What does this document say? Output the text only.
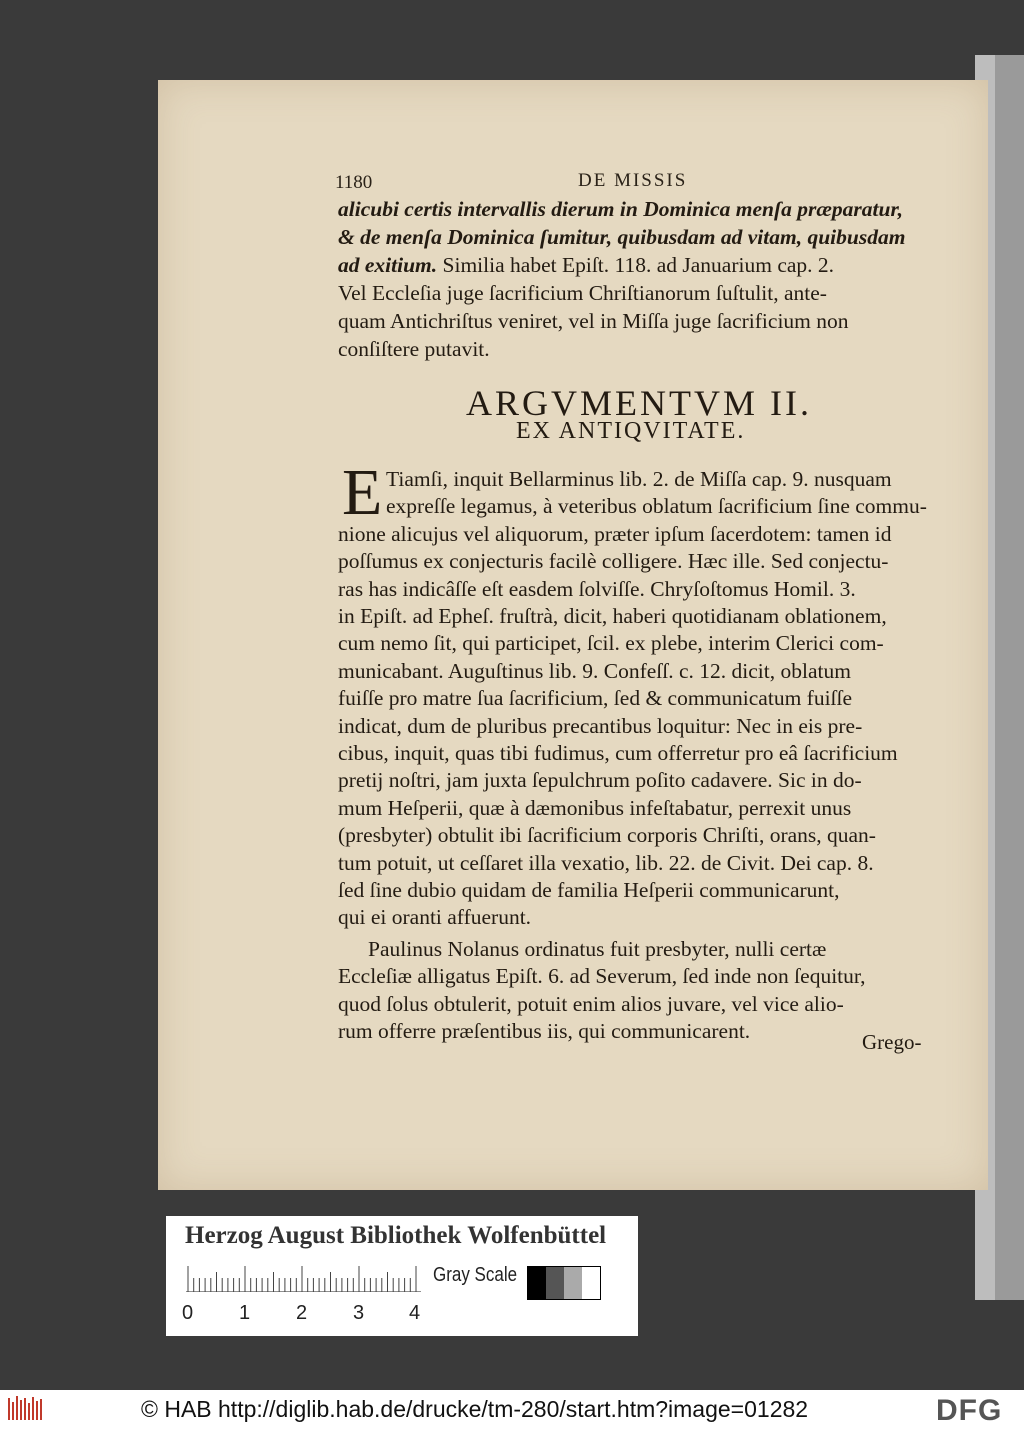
1180	DE MISSIS
alicubi certis intervallis dierum in Dominica menſa præparatur,
& de menſa Dominica ſumitur, quibusdam ad vitam, quibusdam
ad exitium. Similia habet Epiſt. 118. ad Januarium cap. 2.
Vel Eccleſia juge ſacrificium Chriſtianorum ſuſtulit, ante-
quam Antichriſtus veniret, vel in Miſſa juge ſacrificium non
conſiſtere putavit.
ARGVMENTVM II.
EX ANTIQVITATE.
E Tiamſi, inquit Bellarminus lib. 2. de Miſſa cap. 9. nusquam
expreſſe legamus, à veteribus oblatum ſacrificium ſine commu-
nione alicujus vel aliquorum, præter ipſum ſacerdotem: tamen id
poſſumus ex conjecturis facilè colligere. Hæc ille. Sed conjectu-
ras has indicâſſe eſt easdem ſolviſſe. Chryſoſtomus Homil. 3.
in Epiſt. ad Epheſ. fruſtrà, dicit, haberi quotidianam oblationem,
cum nemo ſit, qui participet, ſcil. ex plebe, interim Clerici com-
municabant. Auguſtinus lib. 9. Confeſſ. c. 12. dicit, oblatum
fuiſſe pro matre ſua ſacrificium, ſed & communicatum fuiſſe
indicat, dum de pluribus precantibus loquitur: Nec in eis pre-
cibus, inquit, quas tibi fudimus, cum offerretur pro eâ ſacrificium
pretij noſtri, jam juxta ſepulchrum poſito cadavere. Sic in do-
mum Heſperii, quæ à dæmonibus infeſtabatur, perrexit unus
(presbyter) obtulit ibi ſacrificium corporis Chriſti, orans, quan-
tum potuit, ut ceſſaret illa vexatio, lib. 22. de Civit. Dei cap. 8.
ſed ſine dubio quidam de familia Heſperii communicarunt,
qui ei oranti affuerunt.
Paulinus Nolanus ordinatus fuit presbyter, nulli certæ
Eccleſiæ alligatus Epiſt. 6. ad Severum, ſed inde non ſequitur,
quod ſolus obtulerit, potuit enim alios juvare, vel vice alio-
rum offerre præſentibus iis, qui communicarent.	Grego-
Herzog August Bibliothek Wolfenbüttel
Gray Scale
0 1 2 3 4
© HAB http://diglib.hab.de/drucke/tm-280/start.htm?image=01282	DFG
